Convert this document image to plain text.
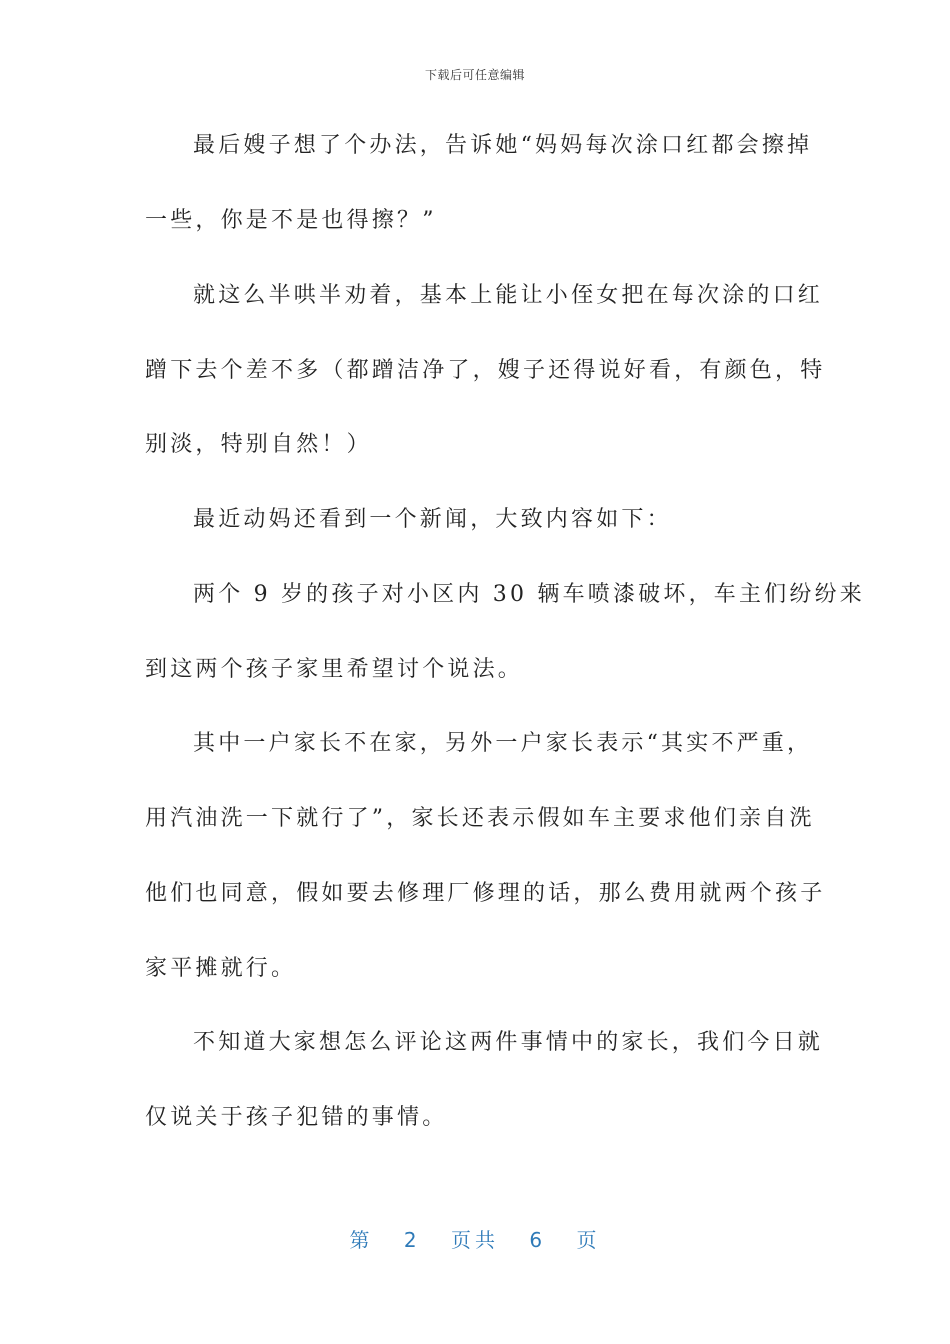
下载后可任意编辑
最后嫂子想了个办法，告诉她“妈妈每次涂口红都会擦掉
一些，你是不是也得擦？”
就这么半哄半劝着，基本上能让小侄女把在每次涂的口红
蹭下去个差不多（都蹭洁净了，嫂子还得说好看，有颜色，特
别淡，特别自然！）
最近动妈还看到一个新闻，大致内容如下：
两个 9 岁的孩子对小区内 30 辆车喷漆破坏，车主们纷纷来
到这两个孩子家里希望讨个说法。
其中一户家长不在家，另外一户家长表示“其实不严重，
用汽油洗一下就行了”，家长还表示假如车主要求他们亲自洗
他们也同意，假如要去修理厂修理的话，那么费用就两个孩子
家平摊就行。
不知道大家想怎么评论这两件事情中的家长，我们今日就
仅说关于孩子犯错的事情。
第 2 页共 6 页
